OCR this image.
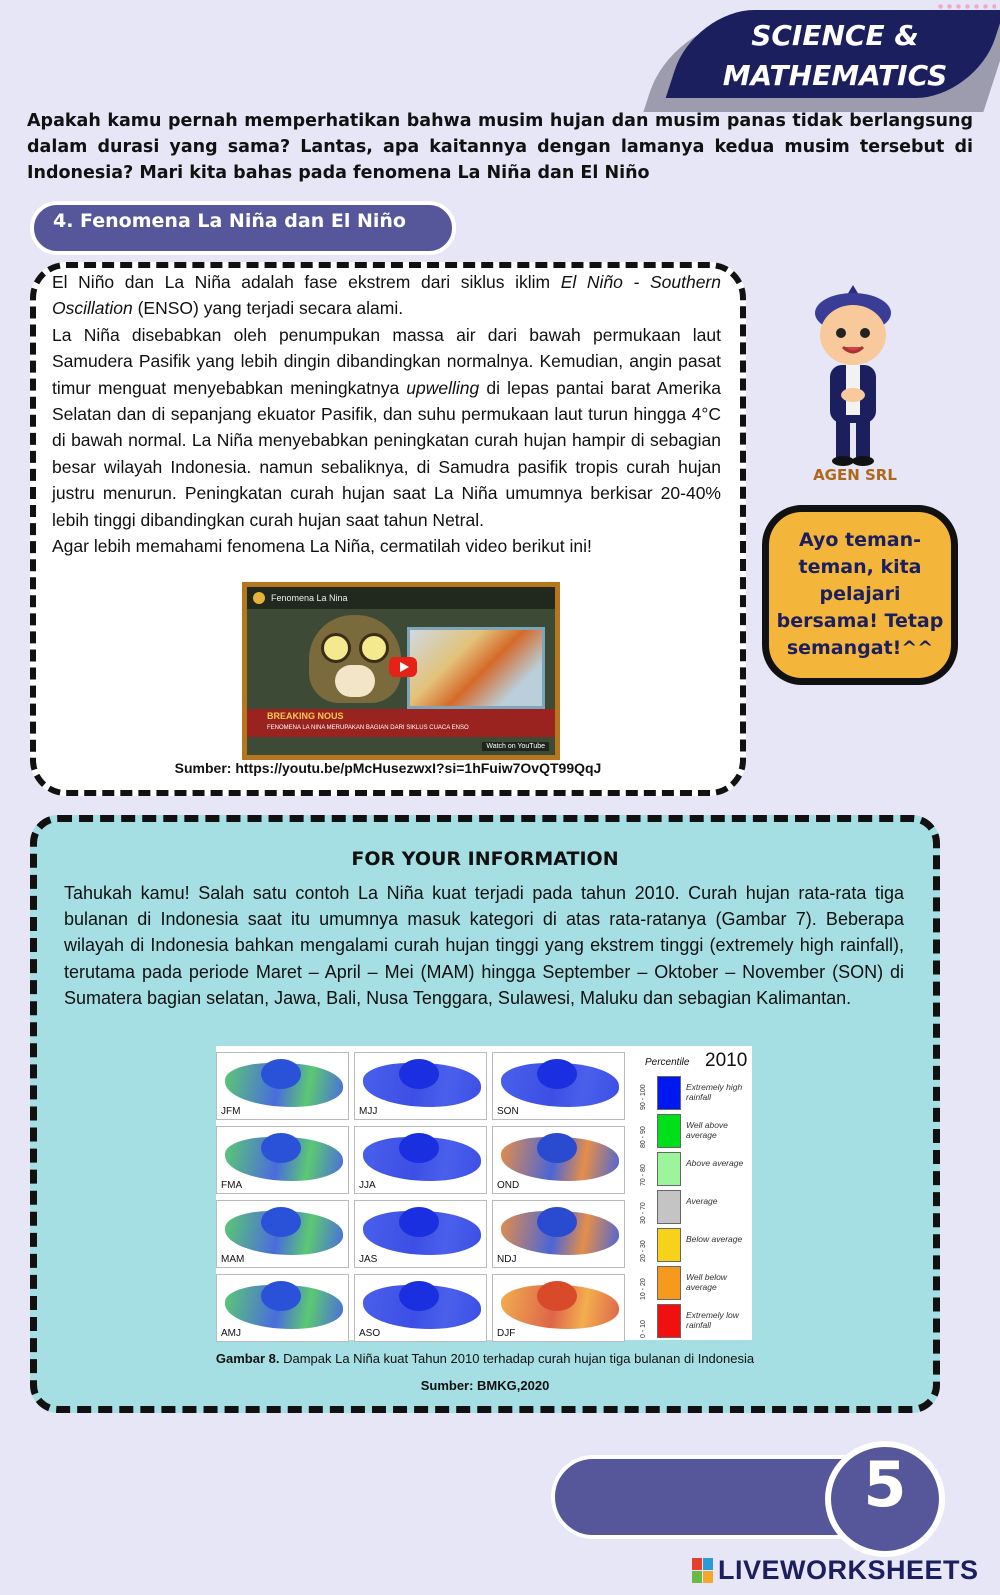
SCIENCE &
MATHEMATICS
Apakah kamu pernah memperhatikan bahwa musim hujan dan musim panas tidak berlangsung dalam durasi yang sama? Lantas, apa kaitannya dengan lamanya kedua musim tersebut di Indonesia? Mari kita bahas pada fenomena La Niña dan El Niño
4. Fenomena La Niña dan El Niño

El Niño dan La Niña adalah fase ekstrem dari siklus iklim El Niño - Southern Oscillation (ENSO) yang terjadi secara alami.

La Niña disebabkan oleh penumpukan massa air dari bawah permukaan laut Samudera Pasifik yang lebih dingin dibandingkan normalnya. Kemudian, angin pasat timur menguat menyebabkan meningkatnya upwelling di lepas pantai barat Amerika Selatan dan di sepanjang ekuator Pasifik, dan suhu permukaan laut turun hingga 4°C di bawah normal. La Niña menyebabkan peningkatan curah hujan hampir di sebagian besar wilayah Indonesia. namun sebaliknya, di Samudra pasifik tropis curah hujan justru menurun. Peningkatan curah hujan saat La Niña umumnya berkisar 20-40% lebih tinggi dibandingkan curah hujan saat tahun Netral.

Agar lebih memahami fenomena La Niña, cermatilah video berikut ini!

Fenomena La Nina
BREAKING NOUS
FENOMENA LA NINA MERUPAKAN BAGIAN DARI SIKLUS CUACA ENSO
Watch on YouTube
Sumber: https://youtu.be/pMcHusezwxI?si=1hFuiw7OvQT99QqJ
AGEN SRL
Ayo teman-teman, kita pelajari bersama! Tetap semangat!^^
FOR YOUR INFORMATION
Tahukah kamu! Salah satu contoh La Niña kuat terjadi pada tahun 2010. Curah hujan rata-rata tiga bulanan di Indonesia saat itu umumnya masuk kategori di atas rata-ratanya (Gambar 7). Beberapa wilayah di Indonesia bahkan mengalami curah hujan tinggi yang ekstrem tinggi (extremely high rainfall), terutama pada periode Maret – April – Mei (MAM) hingga September – Oktober – November (SON) di Sumatera bagian selatan, Jawa, Bali, Nusa Tenggara, Sulawesi, Maluku dan sebagian Kalimantan.
JFM	MJJ	SON
FMA	JJA	OND
MAM	JAS	NDJ
AMJ	ASO	DJF
Percentile 2010
Extremely high rainfall
90 - 100
Well above average
80 - 90
Above average
70 - 80
Average
30 - 70
Below average
20 - 30
Well below average
10 - 20
Extremely low rainfall
0 - 10
Gambar 8. Dampak La Niña kuat Tahun 2010 terhadap curah hujan tiga bulanan di Indonesia
Sumber: BMKG,2020
5
LIVEWORKSHEETS
